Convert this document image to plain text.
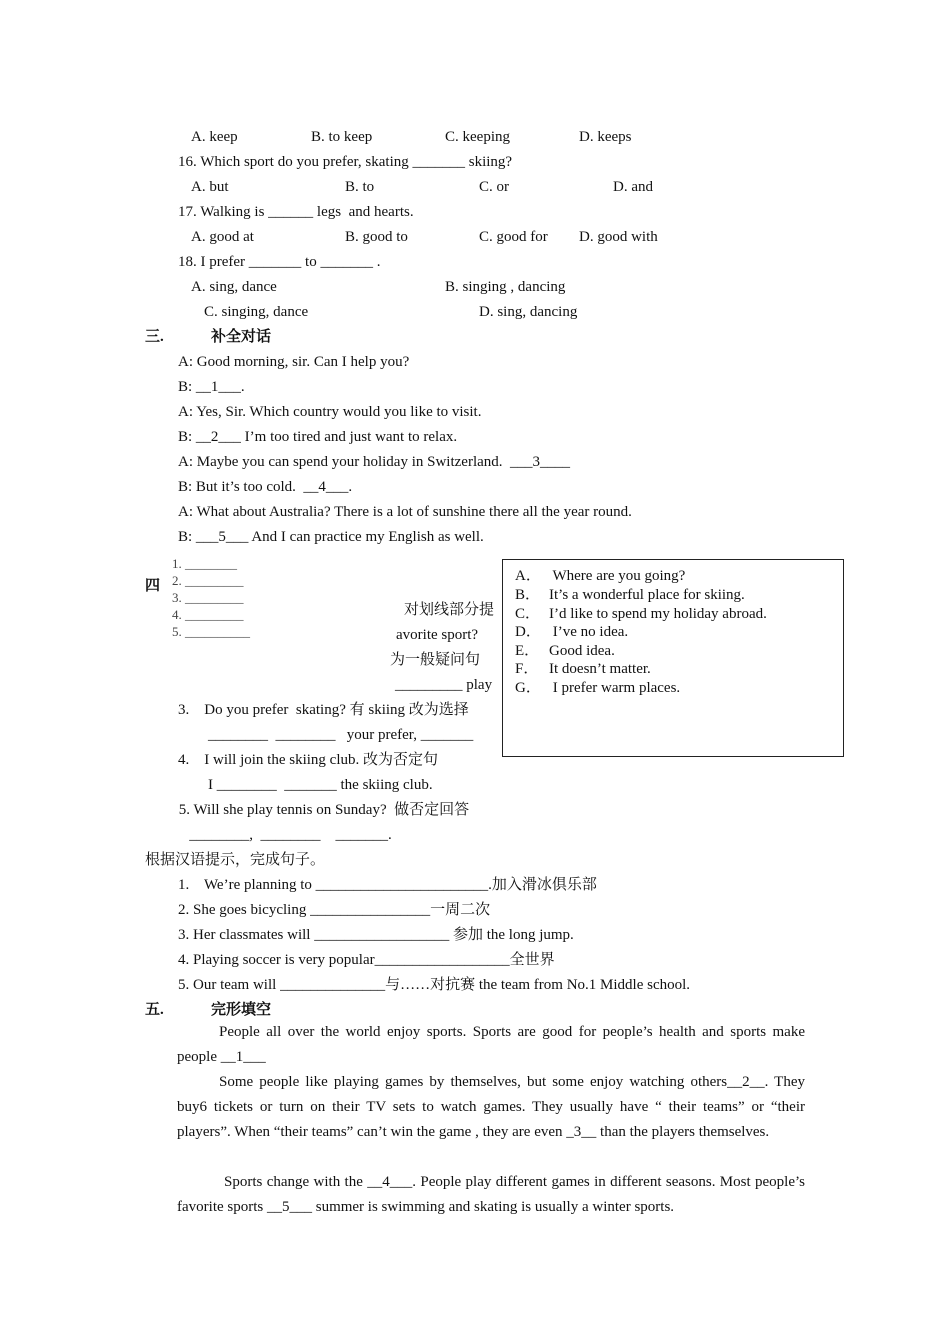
A. keep	B. to keep	C. keeping	D. keeps
16. Which sport do you prefer, skating _______ skiing?
A. but	B. to	C. or	D. and
17. Walking is ______ legs  and hearts.
A. good at	B. good to	C. good for D. good with
18. I prefer _______ to _______ .
A. sing, dance	B. singing , dancing
C. singing, dance	D. sing, dancing
三.	补全对话
A: Good morning, sir. Can I help you?
B: __1___.
A: Yes, Sir. Which country would you like to visit.
B: __2___ I’m too tired and just want to relax.
A: Maybe you can spend your holiday in Switzerland.  ___3____
B: But it’s too cold.  __4___.
A: What about Australia? There is a lot of sunshine there all the year round.
B: ___5___ And I can practice my English as well.
1. ________
2. _________
3. _________
4. _________
5. __________
四
对划线部分提
avorite sport?
为一般疑问句
_________ play
A． Where are you going?
B． It’s a wonderful place for skiing.
C． I’d like to spend my holiday abroad.
D． I’ve no idea.
E． Good idea.
F． It doesn’t matter.
G． I prefer warm places.
3.    Do you prefer  skating? 有 skiing 改为选择
________  ________   your prefer, _______
4.    I will join the skiing club. 改为否定句
I ________  _______ the skiing club.
5. Will she play tennis on Sunday?  做否定回答
________,  ________    _______.
根据汉语提示，完成句子。
1.    We’re planning to _______________________.加入滑冰俱乐部
2. She goes bicycling ________________一周二次
3. Her classmates will __________________ 参加 the long jump.
4. Playing soccer is very popular__________________全世界
5. Our team will ______________与……对抗赛 the team from No.1 Middle school.
五.	完形填空
People all over the world enjoy sports. Sports are good for people’s health and sports make people __1___
Some people like playing games by themselves, but some enjoy watching others__2__. They buy6 tickets or turn on their TV sets to watch games. They usually have “ their teams” or “their players”. When “their teams” can’t win the game , they are even _3__ than the players themselves.
Sports change with the __4___. People play different games in different seasons. Most people’s favorite sports __5___ summer is swimming and skating is usually a winter sports.
